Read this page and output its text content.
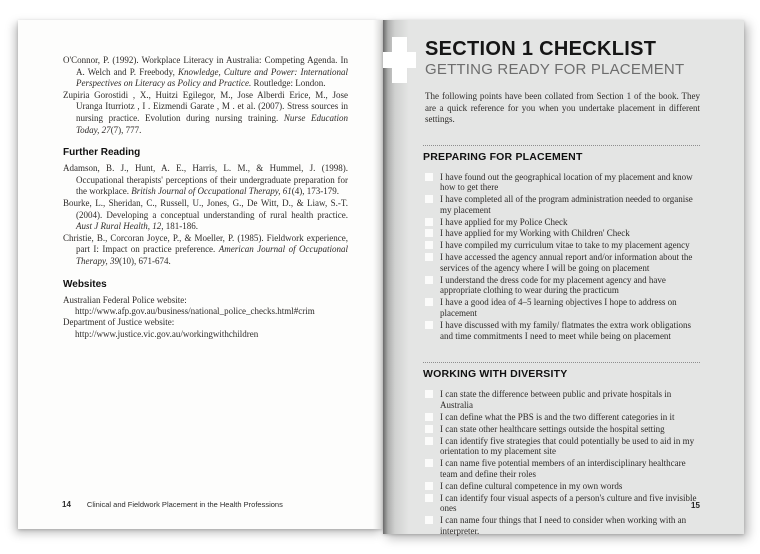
O'Connor, P. (1992). Workplace Literacy in Australia: Competing Agenda. In A. Welch and P. Freebody, Knowledge, Culture and Power: International Perspectives on Literacy as Policy and Practice. Routledge: London.

Zupiria Gorostidi , X., Huitzi Egilegor, M., Jose Alberdi Erice, M., Jose Uranga Iturriotz , I . Eizmendi Garate , M . et al. (2007). Stress sources in nursing practice. Evolution during nursing training. Nurse Education Today, 27(7), 777.

Further Reading

Adamson, B. J., Hunt, A. E., Harris, L. M., & Hummel, J. (1998). Occupational therapists' perceptions of their undergraduate preparation for the workplace. British Journal of Occupational Therapy, 61(4), 173-179.

Bourke, L., Sheridan, C., Russell, U., Jones, G., De Witt, D., & Liaw, S.-T. (2004). Developing a conceptual understanding of rural health practice. Aust J Rural Health, 12, 181-186.

Christie, B., Corcoran Joyce, P., & Moeller, P. (1985). Fieldwork experience, part I: Impact on practice preference. American Journal of Occupational Therapy, 39(10), 671-674.

Websites

Australian Federal Police website:

http://www.afp.gov.au/business/national_police_checks.html#crim

Department of Justice website:

http://www.justice.vic.gov.au/workingwithchildren

14 Clinical and Fieldwork Placement in the Health Professions
SECTION 1 CHECKLIST
GETTING READY FOR PLACEMENT

The following points have been collated from Section 1 of the book. They are a quick reference for you when you undertake placement in different settings.

PREPARING FOR PLACEMENT
I have found out the geographical location of my placement and know how to get there
I have completed all of the program administration needed to organise my placement
I have applied for my Police Check
I have applied for my Working with Children' Check
I have compiled my curriculum vitae to take to my placement agency
I have accessed the agency annual report and/or information about the services of the agency where I will be going on placement
I understand the dress code for my placement agency and have appropriate clothing to wear during the practicum
I have a good idea of 4–5 learning objectives I hope to address on placement
I have discussed with my family/ flatmates the extra work obligations and time commitments I need to meet while being on placement
WORKING WITH DIVERSITY
I can state the difference between public and private hospitals in Australia
I can define what the PBS is and the two different categories in it
I can state other healthcare settings outside the hospital setting
I can identify five strategies that could potentially be used to aid in my orientation to my placement site
I can name five potential members of an interdisciplinary healthcare team and define their roles
I can define cultural competence in my own words
I can identify four visual aspects of a person's culture and five invisible ones
I can name four things that I need to consider when working with an interpreter.
15
